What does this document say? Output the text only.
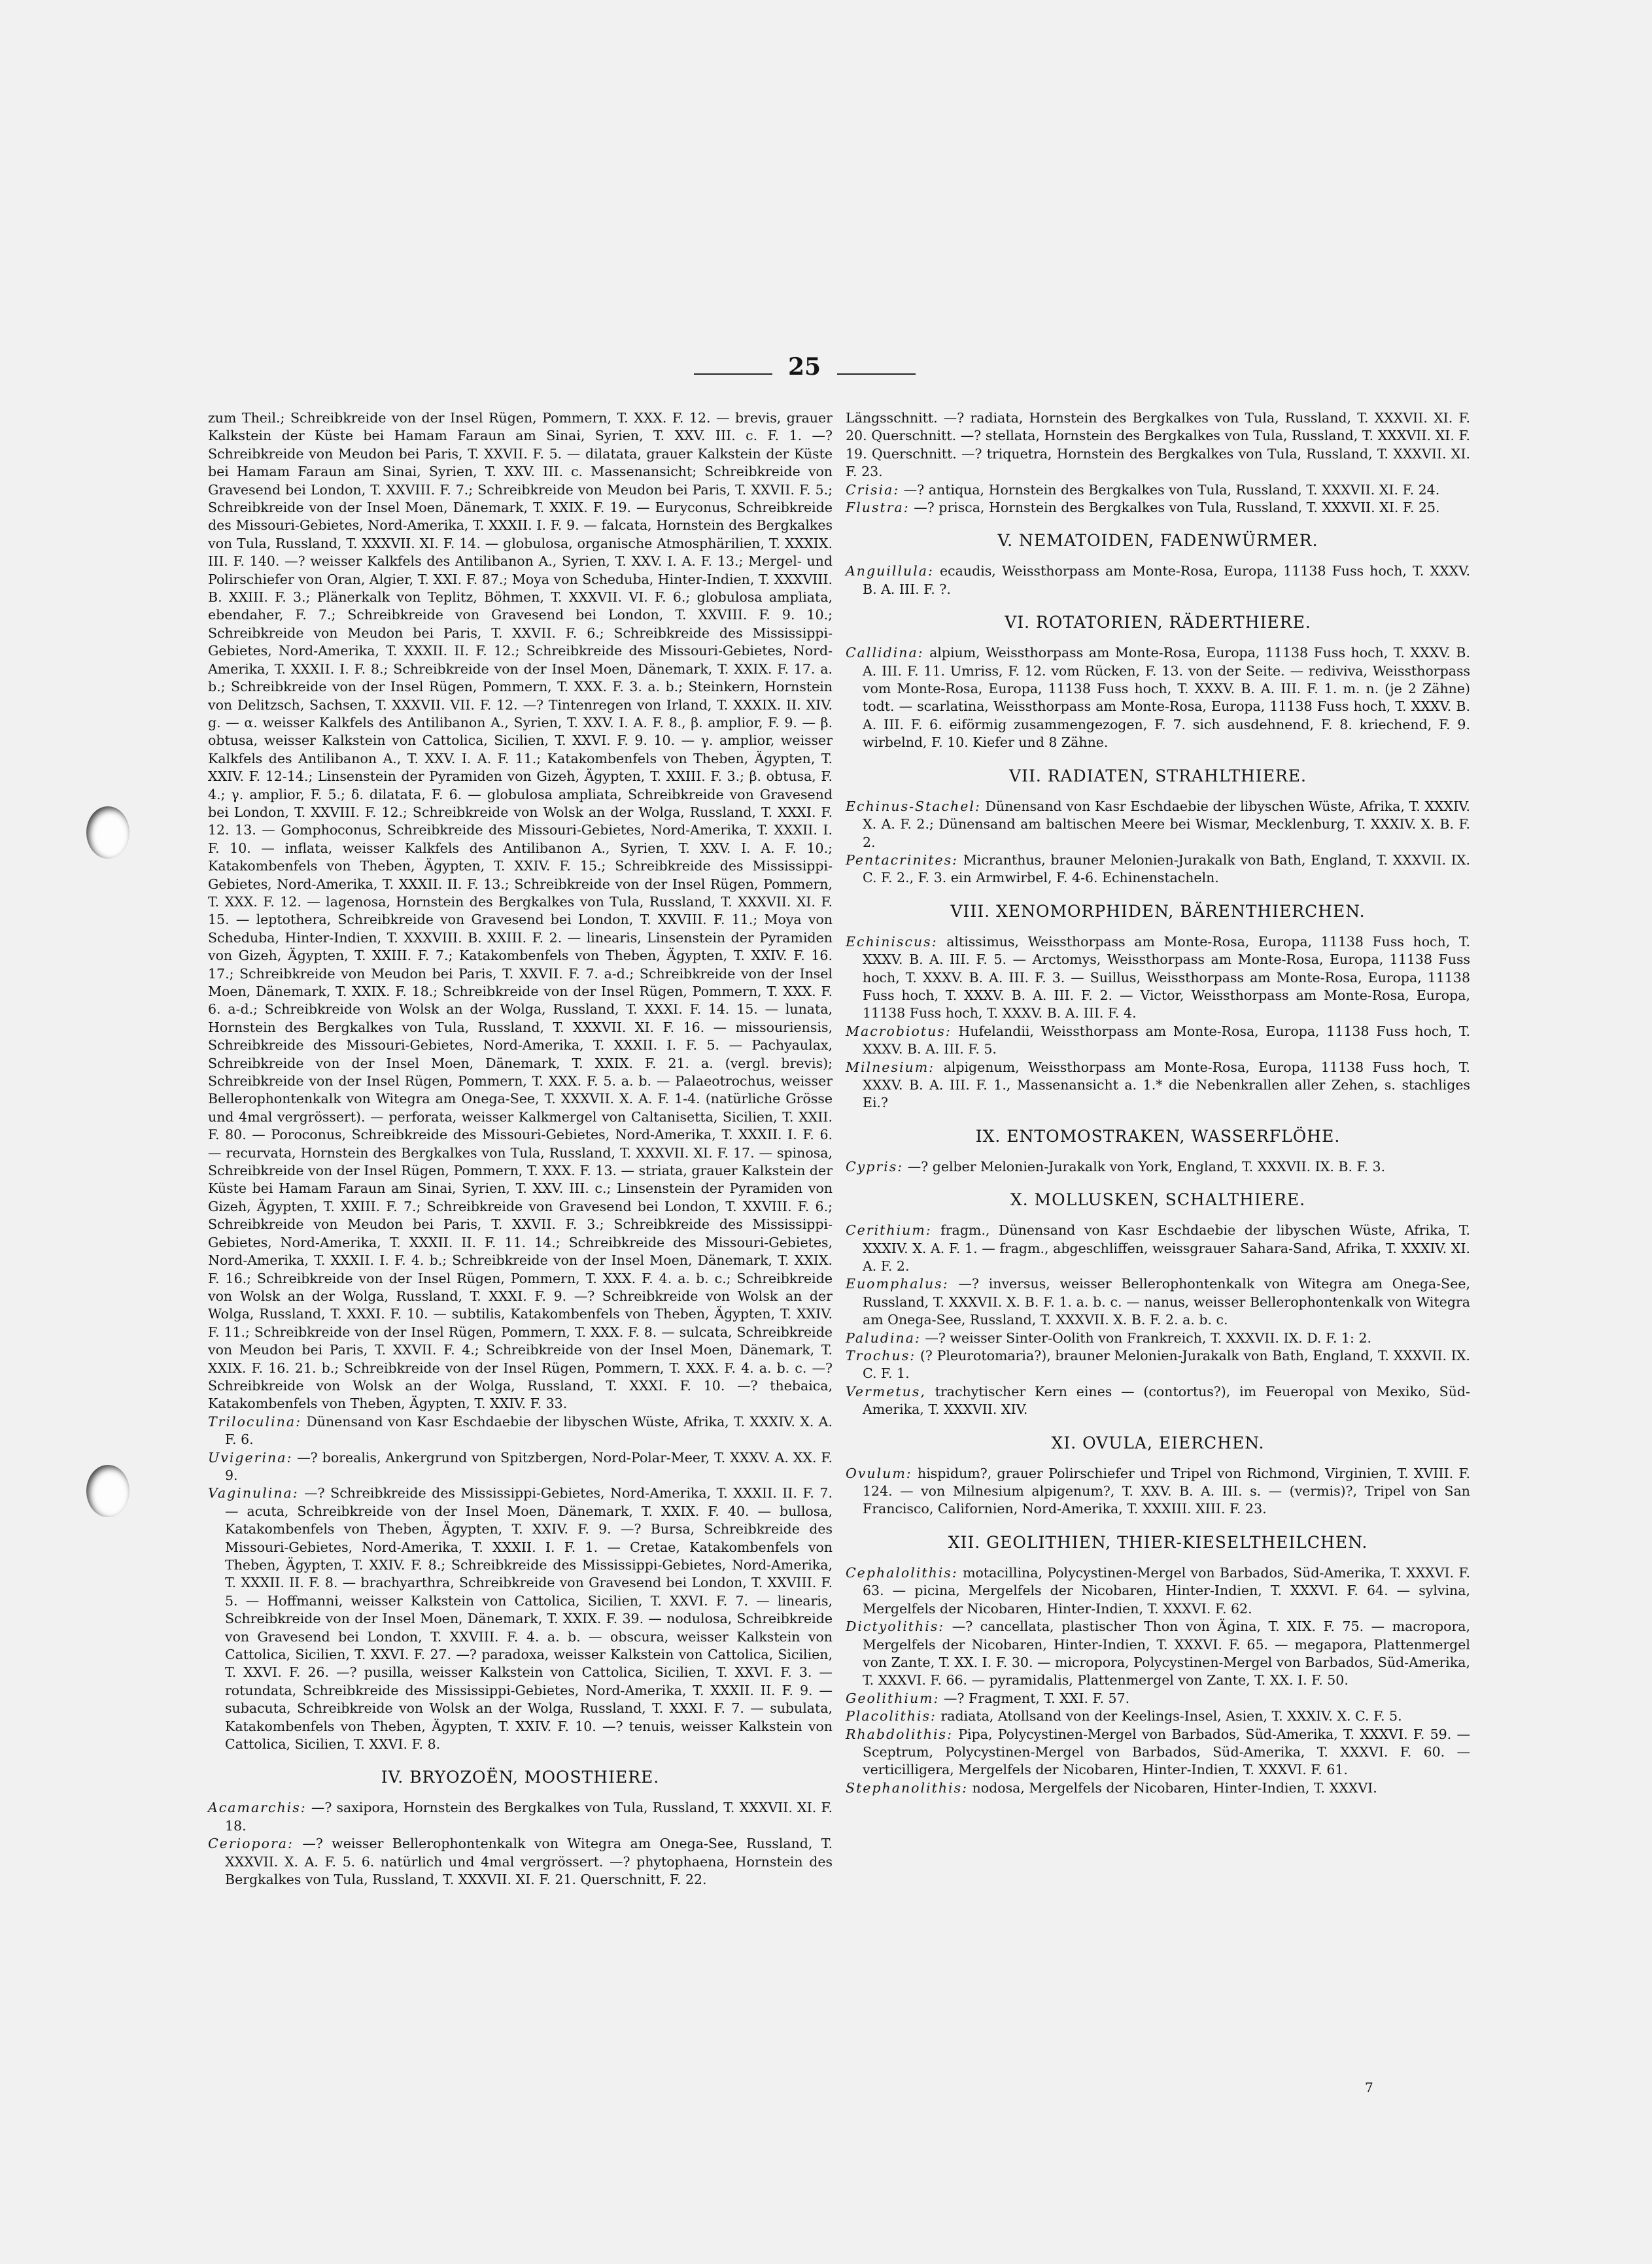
25
zum Theil.; Schreibkreide von der Insel Rügen, Pommern, T. XXX. F. 12. — brevis, grauer Kalkstein der Küste bei Hamam Faraun am Sinai, Syrien, T. XXV. III. c. F. 1. —? Schreibkreide von Meudon bei Paris, T. XXVII. F. 5. — dilatata, grauer Kalkstein der Küste bei Hamam Faraun am Sinai, Syrien, T. XXV. III. c. Massenansicht; Schreibkreide von Gravesend bei London, T. XXVIII. F. 7.; Schreibkreide von Meudon bei Paris, T. XXVII. F. 5.; Schreibkreide von der Insel Moen, Dänemark, T. XXIX. F. 19. — Euryconus, Schreibkreide des Missouri-Gebietes, Nord-Amerika, T. XXXII. I. F. 9. — falcata, Hornstein des Bergkalkes von Tula, Russland, T. XXXVII. XI. F. 14. — globulosa, organische Atmosphärilien, T. XXXIX. III. F. 140. —? weisser Kalkfels des Antilibanon A., Syrien, T. XXV. I. A. F. 13.; Mergel- und Polirschiefer von Oran, Algier, T. XXI. F. 87.; Moya von Scheduba, Hinter-Indien, T. XXXVIII. B. XXIII. F. 3.; Plänerkalk von Teplitz, Böhmen, T. XXXVII. VI. F. 6.; globulosa ampliata, ebendaher, F. 7.; Schreibkreide von Gravesend bei London, T. XXVIII. F. 9. 10.; Schreibkreide von Meudon bei Paris, T. XXVII. F. 6.; Schreibkreide des Mississippi-Gebietes, Nord-Amerika, T. XXXII. II. F. 12.; Schreibkreide des Missouri-Gebietes, Nord-Amerika, T. XXXII. I. F. 8.; Schreibkreide von der Insel Moen, Dänemark, T. XXIX. F. 17. a. b.; Schreibkreide von der Insel Rügen, Pommern, T. XXX. F. 3. a. b.; Steinkern, Hornstein von Delitzsch, Sachsen, T. XXXVII. VII. F. 12. —? Tintenregen von Irland, T. XXXIX. II. XIV. g. — α. weisser Kalkfels des Antilibanon A., Syrien, T. XXV. I. A. F. 8., β. amplior, F. 9. — β. obtusa, weisser Kalkstein von Cattolica, Sicilien, T. XXVI. F. 9. 10. — γ. amplior, weisser Kalkfels des Antilibanon A., T. XXV. I. A. F. 11.; Katakombenfels von Theben, Ägypten, T. XXIV. F. 12-14.; Linsenstein der Pyramiden von Gizeh, Ägypten, T. XXIII. F. 3.; β. obtusa, F. 4.; γ. amplior, F. 5.; δ. dilatata, F. 6. — globulosa ampliata, Schreibkreide von Gravesend bei London, T. XXVIII. F. 12.; Schreibkreide von Wolsk an der Wolga, Russland, T. XXXI. F. 12. 13. — Gomphoconus, Schreibkreide des Missouri-Gebietes, Nord-Amerika, T. XXXII. I. F. 10. — inflata, weisser Kalkfels des Antilibanon A., Syrien, T. XXV. I. A. F. 10.; Katakombenfels von Theben, Ägypten, T. XXIV. F. 15.; Schreibkreide des Mississippi-Gebietes, Nord-Amerika, T. XXXII. II. F. 13.; Schreibkreide von der Insel Rügen, Pommern, T. XXX. F. 12. — lagenosa, Hornstein des Bergkalkes von Tula, Russland, T. XXXVII. XI. F. 15. — leptothera, Schreibkreide von Gravesend bei London, T. XXVIII. F. 11.; Moya von Scheduba, Hinter-Indien, T. XXXVIII. B. XXIII. F. 2. — linearis, Linsenstein der Pyramiden von Gizeh, Ägypten, T. XXIII. F. 7.; Katakombenfels von Theben, Ägypten, T. XXIV. F. 16. 17.; Schreibkreide von Meudon bei Paris, T. XXVII. F. 7. a-d.; Schreibkreide von der Insel Moen, Dänemark, T. XXIX. F. 18.; Schreibkreide von der Insel Rügen, Pommern, T. XXX. F. 6. a-d.; Schreibkreide von Wolsk an der Wolga, Russland, T. XXXI. F. 14. 15. — lunata, Hornstein des Bergkalkes von Tula, Russland, T. XXXVII. XI. F. 16. — missouriensis, Schreibkreide des Missouri-Gebietes, Nord-Amerika, T. XXXII. I. F. 5. — Pachyaulax, Schreibkreide von der Insel Moen, Dänemark, T. XXIX. F. 21. a. (vergl. brevis); Schreibkreide von der Insel Rügen, Pommern, T. XXX. F. 5. a. b. — Palaeotrochus, weisser Bellerophontenkalk von Witegra am Onega-See, T. XXXVII. X. A. F. 1-4. (natürliche Grösse und 4mal vergrössert). — perforata, weisser Kalkmergel von Caltanisetta, Sicilien, T. XXII. F. 80. — Poroconus, Schreibkreide des Missouri-Gebietes, Nord-Amerika, T. XXXII. I. F. 6. — recurvata, Hornstein des Bergkalkes von Tula, Russland, T. XXXVII. XI. F. 17. — spinosa, Schreibkreide von der Insel Rügen, Pommern, T. XXX. F. 13. — striata, grauer Kalkstein der Küste bei Hamam Faraun am Sinai, Syrien, T. XXV. III. c.; Linsenstein der Pyramiden von Gizeh, Ägypten, T. XXIII. F. 7.; Schreibkreide von Gravesend bei London, T. XXVIII. F. 6.; Schreibkreide von Meudon bei Paris, T. XXVII. F. 3.; Schreibkreide des Mississippi-Gebietes, Nord-Amerika, T. XXXII. II. F. 11. 14.; Schreibkreide des Missouri-Gebietes, Nord-Amerika, T. XXXII. I. F. 4. b.; Schreibkreide von der Insel Moen, Dänemark, T. XXIX. F. 16.; Schreibkreide von der Insel Rügen, Pommern, T. XXX. F. 4. a. b. c.; Schreibkreide von Wolsk an der Wolga, Russland, T. XXXI. F. 9. —? Schreibkreide von Wolsk an der Wolga, Russland, T. XXXI. F. 10. — subtilis, Katakombenfels von Theben, Ägypten, T. XXIV. F. 11.; Schreibkreide von der Insel Rügen, Pommern, T. XXX. F. 8. — sulcata, Schreibkreide von Meudon bei Paris, T. XXVII. F. 4.; Schreibkreide von der Insel Moen, Dänemark, T. XXIX. F. 16. 21. b.; Schreibkreide von der Insel Rügen, Pommern, T. XXX. F. 4. a. b. c. —? Schreibkreide von Wolsk an der Wolga, Russland, T. XXXI. F. 10. —? thebaica, Katakombenfels von Theben, Ägypten, T. XXIV. F. 33.
Triloculina: Dünensand von Kasr Eschdaebie der libyschen Wüste, Afrika, T. XXXIV. X. A. F. 6.
Uvigerina: —? borealis, Ankergrund von Spitzbergen, Nord-Polar-Meer, T. XXXV. A. XX. F. 9.
Vaginulina: —? Schreibkreide des Mississippi-Gebietes, Nord-Amerika, T. XXXII. II. F. 7. — acuta, Schreibkreide von der Insel Moen, Dänemark, T. XXIX. F. 40. — bullosa, Katakombenfels von Theben, Ägypten, T. XXIV. F. 9. —? Bursa, Schreibkreide des Missouri-Gebietes, Nord-Amerika, T. XXXII. I. F. 1. — Cretae, Katakombenfels von Theben, Ägypten, T. XXIV. F. 8.; Schreibkreide des Mississippi-Gebietes, Nord-Amerika, T. XXXII. II. F. 8. — brachyarthra, Schreibkreide von Gravesend bei London, T. XXVIII. F. 5. — Hoffmanni, weisser Kalkstein von Cattolica, Sicilien, T. XXVI. F. 7. — linearis, Schreibkreide von der Insel Moen, Dänemark, T. XXIX. F. 39. — nodulosa, Schreibkreide von Gravesend bei London, T. XXVIII. F. 4. a. b. — obscura, weisser Kalkstein von Cattolica, Sicilien, T. XXVI. F. 27. —? paradoxa, weisser Kalkstein von Cattolica, Sicilien, T. XXVI. F. 26. —? pusilla, weisser Kalkstein von Cattolica, Sicilien, T. XXVI. F. 3. — rotundata, Schreibkreide des Mississippi-Gebietes, Nord-Amerika, T. XXXII. II. F. 9. — subacuta, Schreibkreide von Wolsk an der Wolga, Russland, T. XXXI. F. 7. — subulata, Katakombenfels von Theben, Ägypten, T. XXIV. F. 10. —? tenuis, weisser Kalkstein von Cattolica, Sicilien, T. XXVI. F. 8.
IV. BRYOZOËN, MOOSTHIERE.
Acamarchis: —? saxipora, Hornstein des Bergkalkes von Tula, Russland, T. XXXVII. XI. F. 18.
Ceriopora: —? weisser Bellerophontenkalk von Witegra am Onega-See, Russland, T. XXXVII. X. A. F. 5. 6. natürlich und 4mal vergrössert. —? phytophaena, Hornstein des Bergkalkes von Tula, Russland, T. XXXVII. XI. F. 21. Querschnitt, F. 22.
Längsschnitt. —? radiata, Hornstein des Bergkalkes von Tula, Russland, T. XXXVII. XI. F. 20. Querschnitt. —? stellata, Hornstein des Bergkalkes von Tula, Russland, T. XXXVII. XI. F. 19. Querschnitt. —? triquetra, Hornstein des Bergkalkes von Tula, Russland, T. XXXVII. XI. F. 23.
Crisia: —? antiqua, Hornstein des Bergkalkes von Tula, Russland, T. XXXVII. XI. F. 24.
Flustra: —? prisca, Hornstein des Bergkalkes von Tula, Russland, T. XXXVII. XI. F. 25.
V. NEMATOIDEN, FADENWÜRMER.
Anguillula: ecaudis, Weissthorpass am Monte-Rosa, Europa, 11138 Fuss hoch, T. XXXV. B. A. III. F. ?.
VI. ROTATORIEN, RÄDERTHIERE.
Callidina: alpium, Weissthorpass am Monte-Rosa, Europa, 11138 Fuss hoch, T. XXXV. B. A. III. F. 11. Umriss, F. 12. vom Rücken, F. 13. von der Seite. — rediviva, Weissthorpass vom Monte-Rosa, Europa, 11138 Fuss hoch, T. XXXV. B. A. III. F. 1. m. n. (je 2 Zähne) todt. — scarlatina, Weissthorpass am Monte-Rosa, Europa, 11138 Fuss hoch, T. XXXV. B. A. III. F. 6. eiförmig zusammengezogen, F. 7. sich ausdehnend, F. 8. kriechend, F. 9. wirbelnd, F. 10. Kiefer und 8 Zähne.
VII. RADIATEN, STRAHLTHIERE.
Echinus-Stachel: Dünensand von Kasr Eschdaebie der libyschen Wüste, Afrika, T. XXXIV. X. A. F. 2.; Dünensand am baltischen Meere bei Wismar, Mecklenburg, T. XXXIV. X. B. F. 2.
Pentacrinites: Micranthus, brauner Melonien-Jurakalk von Bath, England, T. XXXVII. IX. C. F. 2., F. 3. ein Armwirbel, F. 4-6. Echinenstacheln.
VIII. XENOMORPHIDEN, BÄRENTHIERCHEN.
Echiniscus: altissimus, Weissthorpass am Monte-Rosa, Europa, 11138 Fuss hoch, T. XXXV. B. A. III. F. 5. — Arctomys, Weissthorpass am Monte-Rosa, Europa, 11138 Fuss hoch, T. XXXV. B. A. III. F. 3. — Suillus, Weissthorpass am Monte-Rosa, Europa, 11138 Fuss hoch, T. XXXV. B. A. III. F. 2. — Victor, Weissthorpass am Monte-Rosa, Europa, 11138 Fuss hoch, T. XXXV. B. A. III. F. 4.
Macrobiotus: Hufelandii, Weissthorpass am Monte-Rosa, Europa, 11138 Fuss hoch, T. XXXV. B. A. III. F. 5.
Milnesium: alpigenum, Weissthorpass am Monte-Rosa, Europa, 11138 Fuss hoch, T. XXXV. B. A. III. F. 1., Massenansicht a. 1.* die Nebenkrallen aller Zehen, s. stachliges Ei.?
IX. ENTOMOSTRAKEN, WASSERFLÖHE.
Cypris: —? gelber Melonien-Jurakalk von York, England, T. XXXVII. IX. B. F. 3.
X. MOLLUSKEN, SCHALTHIERE.
Cerithium: fragm., Dünensand von Kasr Eschdaebie der libyschen Wüste, Afrika, T. XXXIV. X. A. F. 1. — fragm., abgeschliffen, weissgrauer Sahara-Sand, Afrika, T. XXXIV. XI. A. F. 2.
Euomphalus: —? inversus, weisser Bellerophontenkalk von Witegra am Onega-See, Russland, T. XXXVII. X. B. F. 1. a. b. c. — nanus, weisser Bellerophontenkalk von Witegra am Onega-See, Russland, T. XXXVII. X. B. F. 2. a. b. c.
Paludina: —? weisser Sinter-Oolith von Frankreich, T. XXXVII. IX. D. F. 1: 2.
Trochus: (? Pleurotomaria?), brauner Melonien-Jurakalk von Bath, England, T. XXXVII. IX. C. F. 1.
Vermetus, trachytischer Kern eines — (contortus?), im Feueropal von Mexiko, Süd-Amerika, T. XXXVII. XIV.
XI. OVULA, EIERCHEN.
Ovulum: hispidum?, grauer Polirschiefer und Tripel von Richmond, Virginien, T. XVIII. F. 124. — von Milnesium alpigenum?, T. XXV. B. A. III. s. — (vermis)?, Tripel von San Francisco, Californien, Nord-Amerika, T. XXXIII. XIII. F. 23.
XII. GEOLITHIEN, THIER-KIESELTHEILCHEN.
Cephalolithis: motacillina, Polycystinen-Mergel von Barbados, Süd-Amerika, T. XXXVI. F. 63. — picina, Mergelfels der Nicobaren, Hinter-Indien, T. XXXVI. F. 64. — sylvina, Mergelfels der Nicobaren, Hinter-Indien, T. XXXVI. F. 62.
Dictyolithis: —? cancellata, plastischer Thon von Ägina, T. XIX. F. 75. — macropora, Mergelfels der Nicobaren, Hinter-Indien, T. XXXVI. F. 65. — megapora, Plattenmergel von Zante, T. XX. I. F. 30. — micropora, Polycystinen-Mergel von Barbados, Süd-Amerika, T. XXXVI. F. 66. — pyramidalis, Plattenmergel von Zante, T. XX. I. F. 50.
Geolithium: —? Fragment, T. XXI. F. 57.
Placolithis: radiata, Atollsand von der Keelings-Insel, Asien, T. XXXIV. X. C. F. 5.
Rhabdolithis: Pipa, Polycystinen-Mergel von Barbados, Süd-Amerika, T. XXXVI. F. 59. — Sceptrum, Polycystinen-Mergel von Barbados, Süd-Amerika, T. XXXVI. F. 60. — verticilligera, Mergelfels der Nicobaren, Hinter-Indien, T. XXXVI. F. 61.
Stephanolithis: nodosa, Mergelfels der Nicobaren, Hinter-Indien, T. XXXVI.
7
